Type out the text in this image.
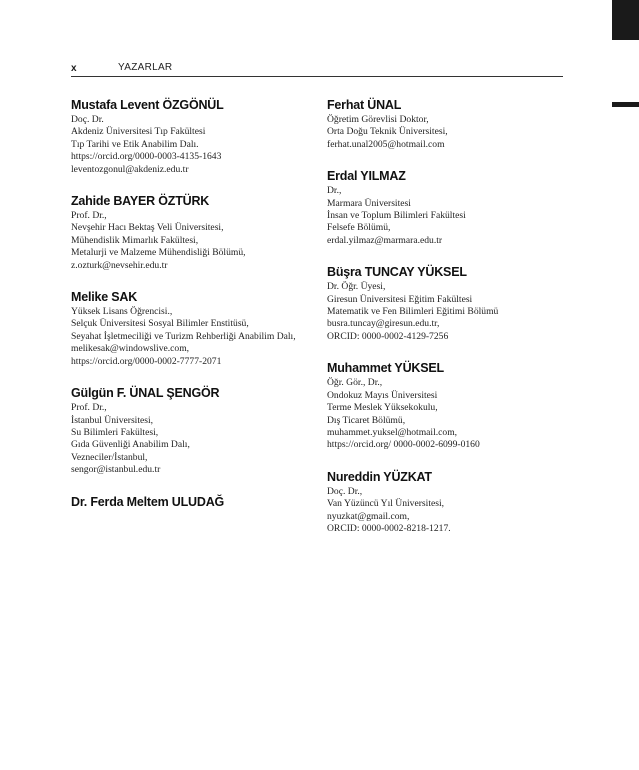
x	YAZARLAR
Mustafa Levent ÖZGÖNÜL
Doç. Dr.
Akdeniz Üniversitesi Tıp Fakültesi
Tıp Tarihi ve Etik Anabilim Dalı.
https://orcid.org/0000-0003-4135-1643
leventozgonul@akdeniz.edu.tr
Zahide BAYER ÖZTÜRK
Prof. Dr.,
Nevşehir Hacı Bektaş Veli Üniversitesi,
Mühendislik Mimarlık Fakültesi,
Metalurji ve Malzeme Mühendisliği Bölümü,
z.ozturk@nevsehir.edu.tr
Melike SAK
Yüksek Lisans Öğrencisi.,
Selçuk Üniversitesi Sosyal Bilimler Enstitüsü,
Seyahat İşletmeciliği ve Turizm Rehberliği Anabilim Dalı,
melikesak@windowslive.com,
https://orcid.org/0000-0002-7777-2071
Gülgün F. ÜNAL ŞENGÖR
Prof. Dr.,
İstanbul Üniversitesi,
Su Bilimleri Fakültesi,
Gıda Güvenliği Anabilim Dalı,
Vezneciler/İstanbul,
sengor@istanbul.edu.tr
Dr. Ferda Meltem ULUDAĞ
Ferhat ÜNAL
Öğretim Görevlisi Doktor,
Orta Doğu Teknik Üniversitesi,
ferhat.unal2005@hotmail.com
Erdal YILMAZ
Dr.,
Marmara Üniversitesi
İnsan ve Toplum Bilimleri Fakültesi
Felsefe Bölümü,
erdal.yilmaz@marmara.edu.tr
Büşra TUNCAY YÜKSEL
Dr. Öğr. Üyesi,
Giresun Üniversitesi Eğitim Fakültesi
Matematik ve Fen Bilimleri Eğitimi Bölümü
busra.tuncay@giresun.edu.tr,
ORCID: 0000-0002-4129-7256
Muhammet YÜKSEL
Öğr. Gör., Dr.,
Ondokuz Mayıs Üniversitesi
Terme Meslek Yüksekokulu,
Dış Ticaret Bölümü,
muhammet.yuksel@hotmail.com,
https://orcid.org/ 0000-0002-6099-0160
Nureddin YÜZKAT
Doç. Dr.,
Van Yüzüncü Yıl Üniversitesi,
nyuzkat@gmail.com,
ORCID: 0000-0002-8218-1217.
